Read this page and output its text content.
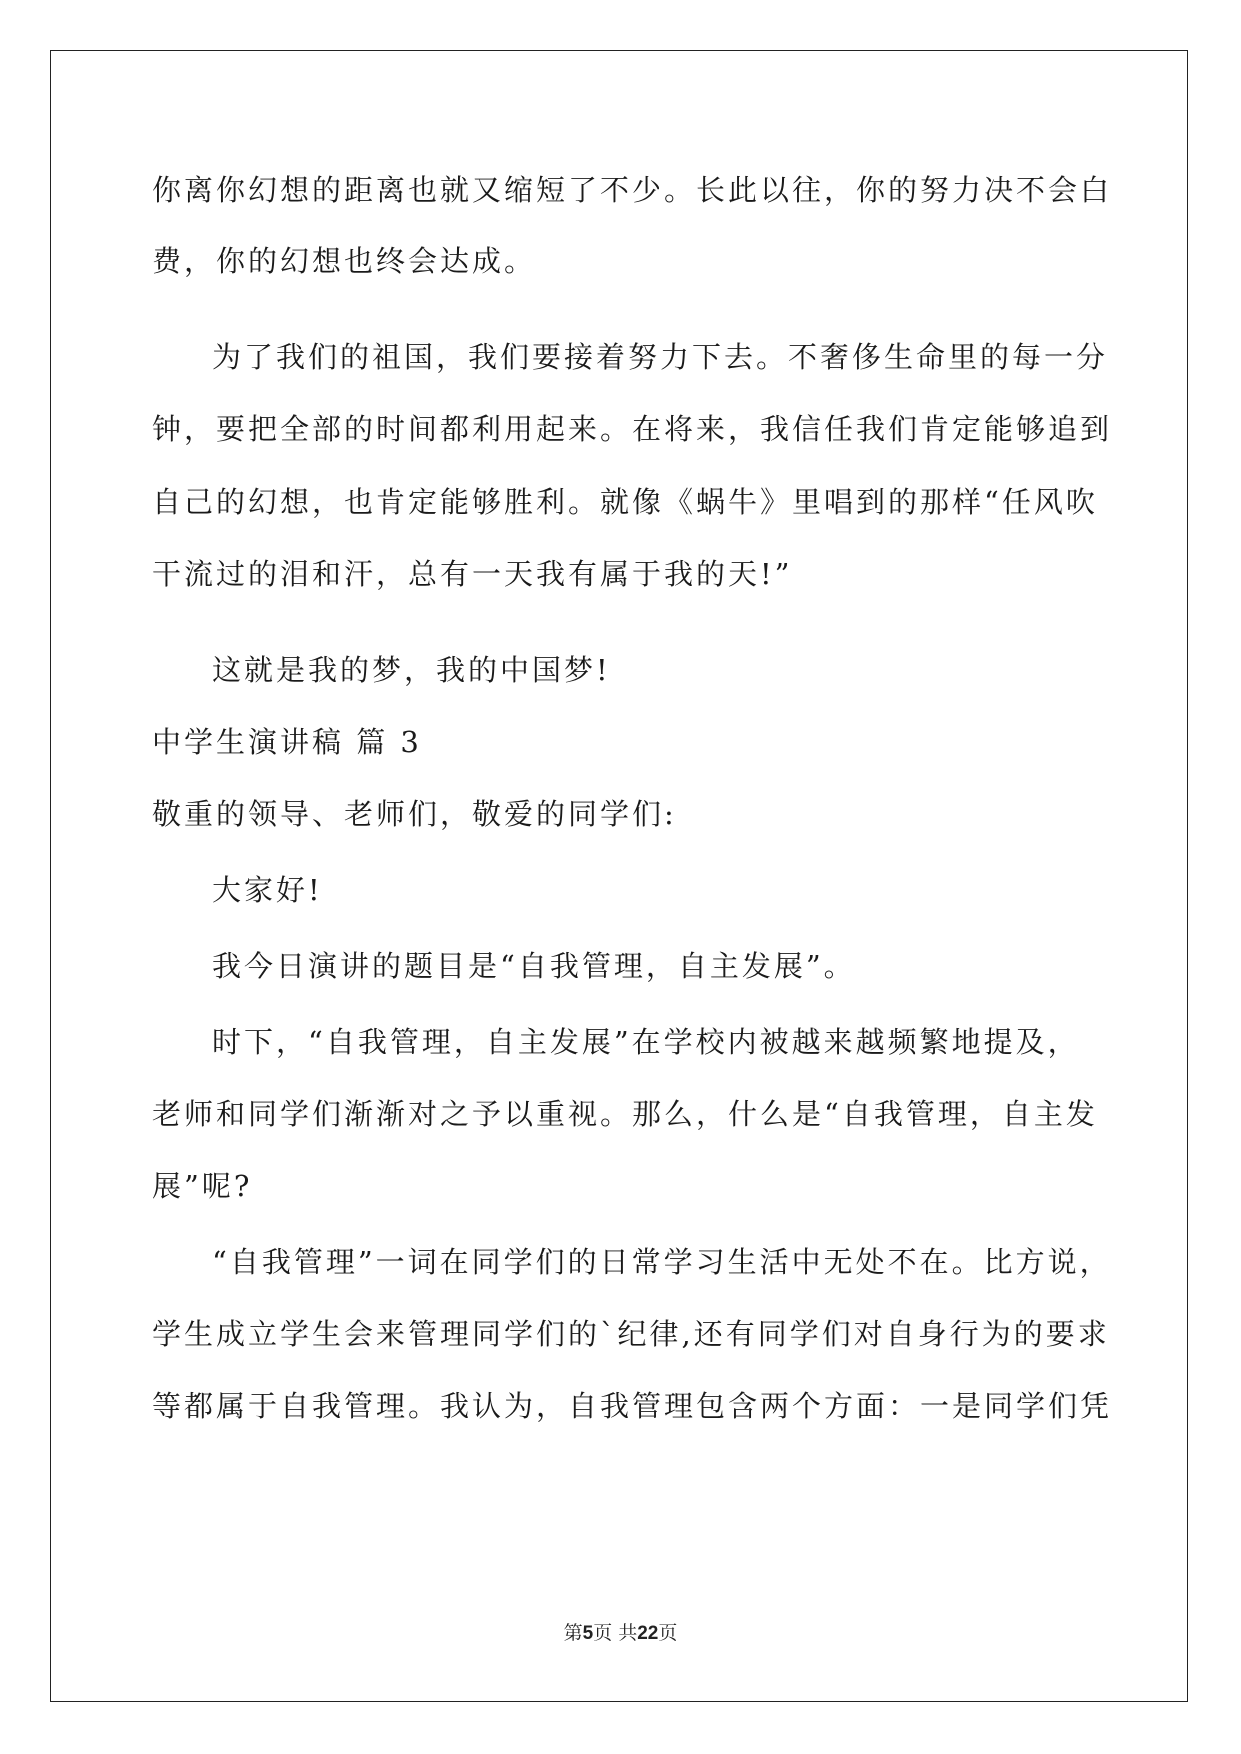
你离你幻想的距离也就又缩短了不少。长此以往，你的努力决不会白
费，你的幻想也终会达成。
为了我们的祖国，我们要接着努力下去。不奢侈生命里的每一分
钟，要把全部的时间都利用起来。在将来，我信任我们肯定能够追到
自己的幻想，也肯定能够胜利。就像《蜗牛》里唱到的那样“任风吹
干流过的泪和汗，总有一天我有属于我的天!”
这就是我的梦，我的中国梦!
中学生演讲稿 篇 3
敬重的领导、老师们，敬爱的同学们:
大家好!
我今日演讲的题目是“自我管理，自主发展”。
时下，“自我管理，自主发展”在学校内被越来越频繁地提及，
老师和同学们渐渐对之予以重视。那么，什么是“自我管理，自主发
展”呢?
“自我管理”一词在同学们的日常学习生活中无处不在。比方说，
学生成立学生会来管理同学们的`纪律,还有同学们对自身行为的要求
等都属于自我管理。我认为，自我管理包含两个方面：一是同学们凭
第5页 共22页
